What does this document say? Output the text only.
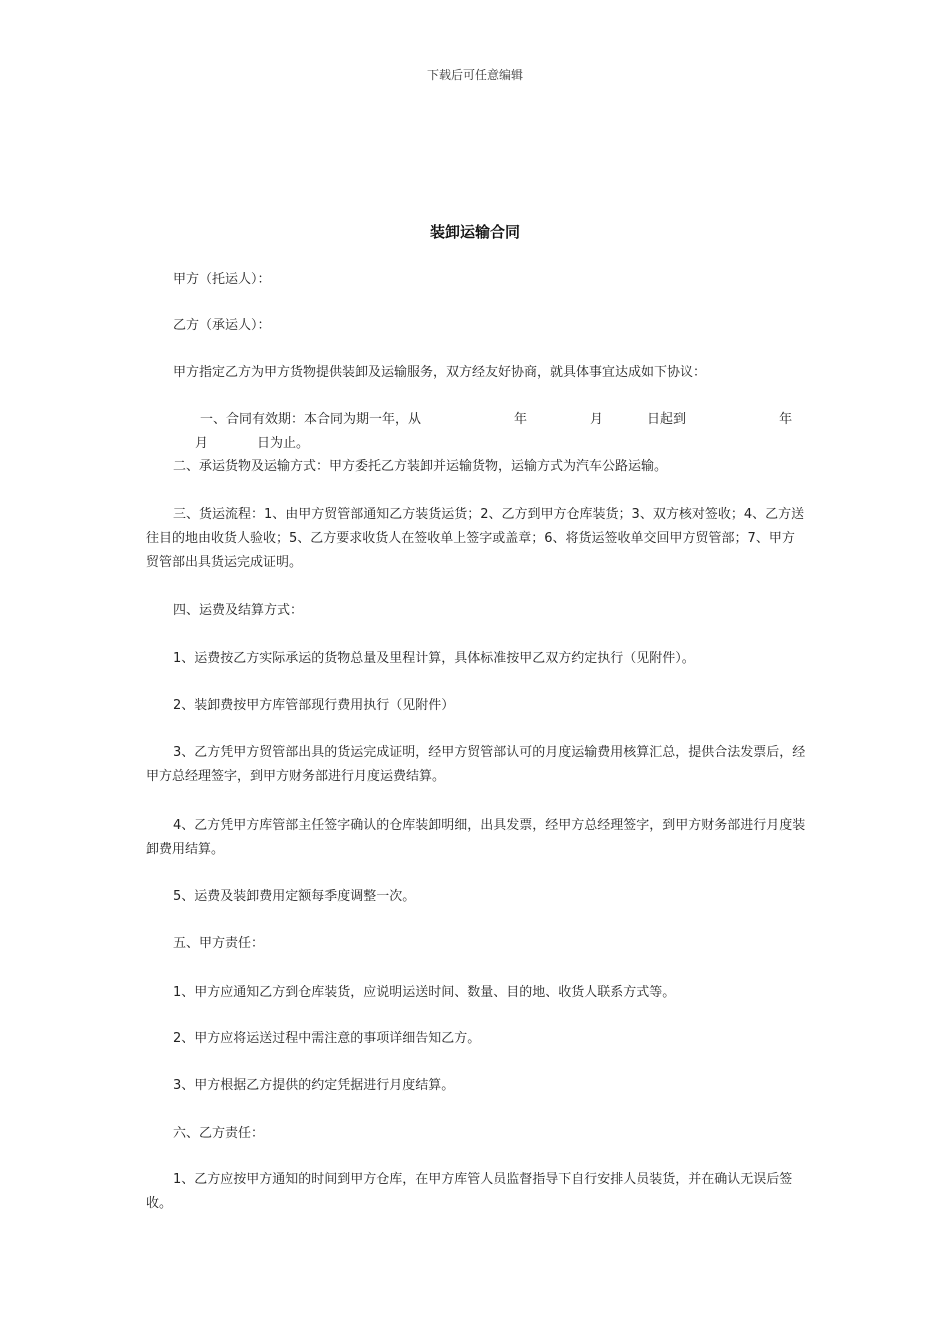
下载后可任意编辑
装卸运输合同

甲方（托运人）：

乙方（承运人）：

甲方指定乙方为甲方货物提供装卸及运输服务，双方经友好协商，就具体事宜达成如下协议：

一、合同有效期：本合同为期一年，从	年	月	日起到	年月	日为止。

二、承运货物及运输方式：甲方委托乙方装卸并运输货物，运输方式为汽车公路运输。

三、货运流程：1、由甲方贸管部通知乙方装货运货；2、乙方到甲方仓库装货；3、双方核对签收；4、乙方送往目的地由收货人验收；5、乙方要求收货人在签收单上签字或盖章；6、将货运签收单交回甲方贸管部；7、甲方贸管部出具货运完成证明。

四、运费及结算方式：

1、运费按乙方实际承运的货物总量及里程计算，具体标准按甲乙双方约定执行（见附件）。

2、装卸费按甲方库管部现行费用执行（见附件）

3、乙方凭甲方贸管部出具的货运完成证明，经甲方贸管部认可的月度运输费用核算汇总，提供合法发票后，经甲方总经理签字，到甲方财务部进行月度运费结算。

4、乙方凭甲方库管部主任签字确认的仓库装卸明细，出具发票，经甲方总经理签字，到甲方财务部进行月度装卸费用结算。

5、运费及装卸费用定额每季度调整一次。

五、甲方责任：

1、甲方应通知乙方到仓库装货，应说明运送时间、数量、目的地、收货人联系方式等。

2、甲方应将运送过程中需注意的事项详细告知乙方。

3、甲方根据乙方提供的约定凭据进行月度结算。

六、乙方责任：

1、乙方应按甲方通知的时间到甲方仓库，在甲方库管人员监督指导下自行安排人员装货，并在确认无误后签收。
